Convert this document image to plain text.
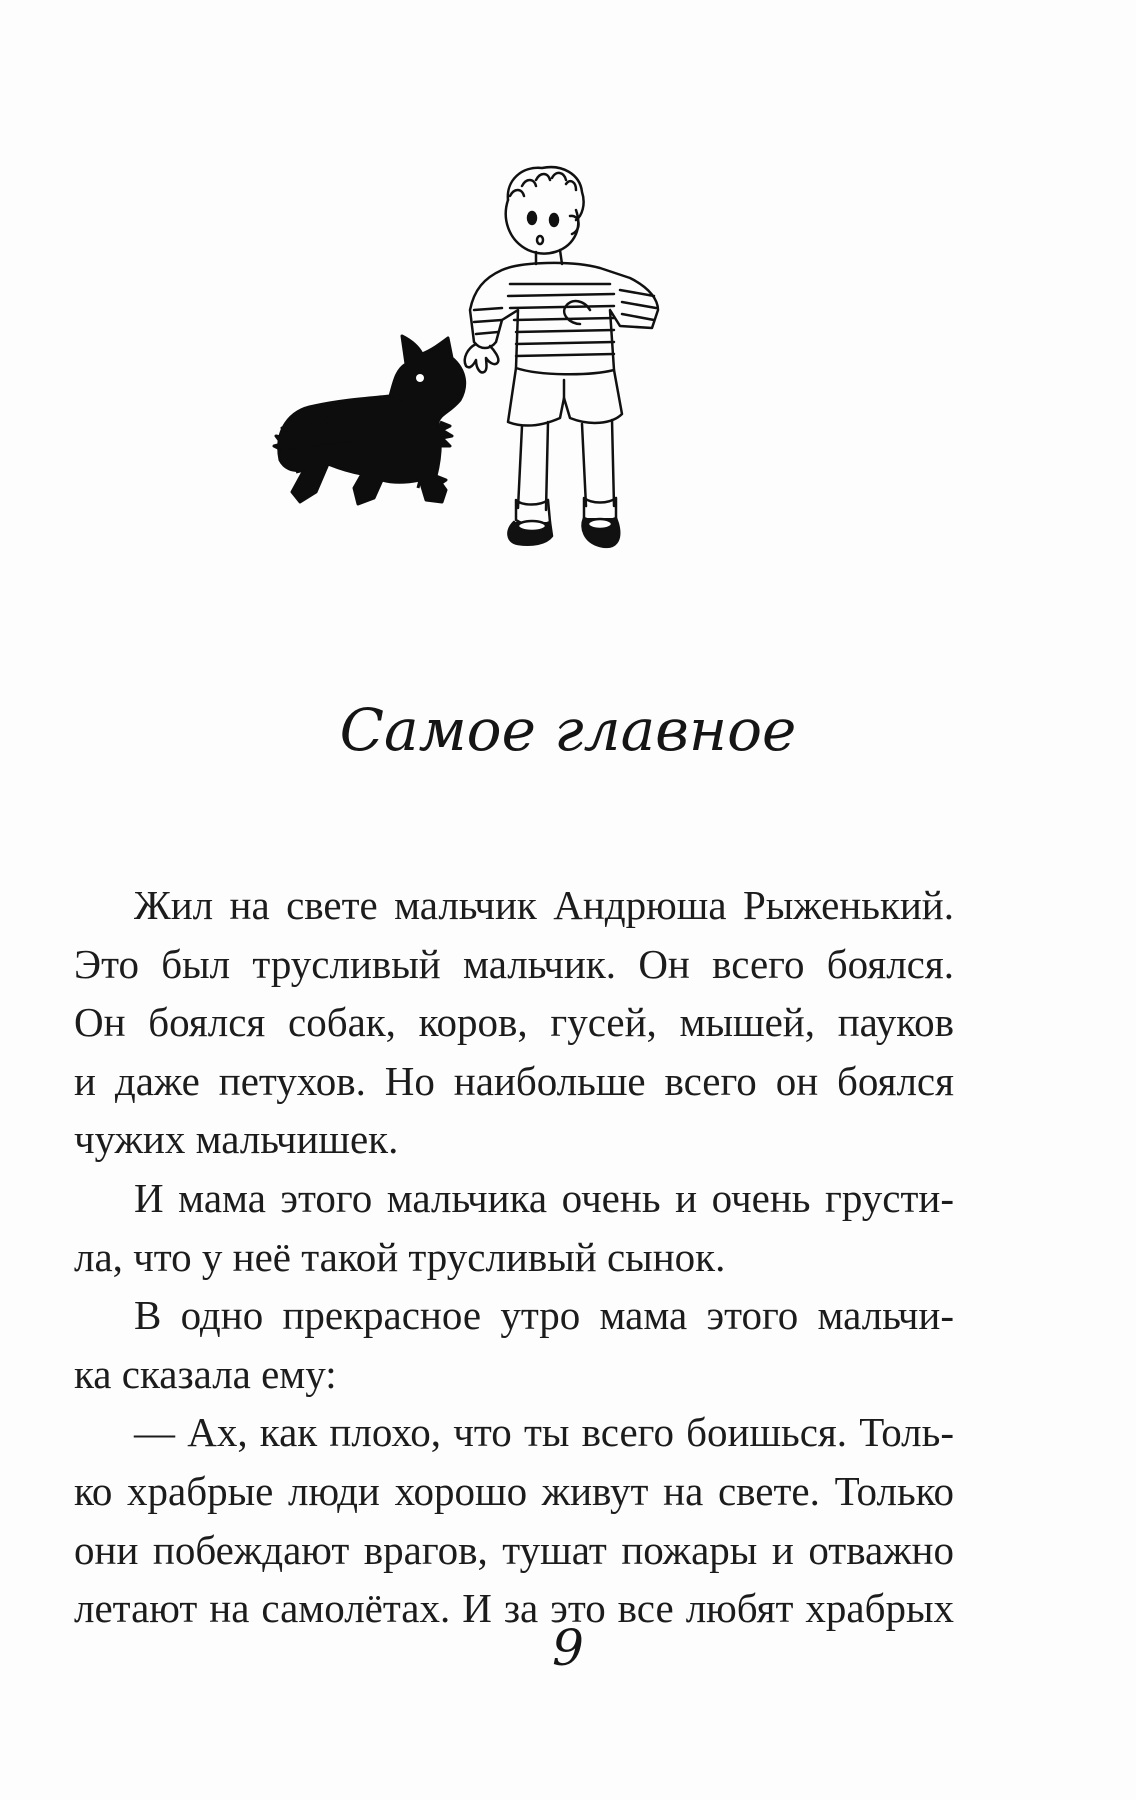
Самое главное
Жил на свете мальчик Андрюша Рыженький.
Это был трусливый мальчик. Он всего боялся.
Он боялся собак, коров, гусей, мышей, пауков
и даже петухов. Но наибольше всего он боялся
чужих мальчишек.
И мама этого мальчика очень и очень грусти-
ла, что у неё такой трусливый сынок.
В одно прекрасное утро мама этого мальчи-
ка сказала ему:
— Ах, как плохо, что ты всего боишься. Толь-
ко храбрые люди хорошо живут на свете. Только
они побеждают врагов, тушат пожары и отважно
летают на самолётах. И за это все любят храбрых
9
